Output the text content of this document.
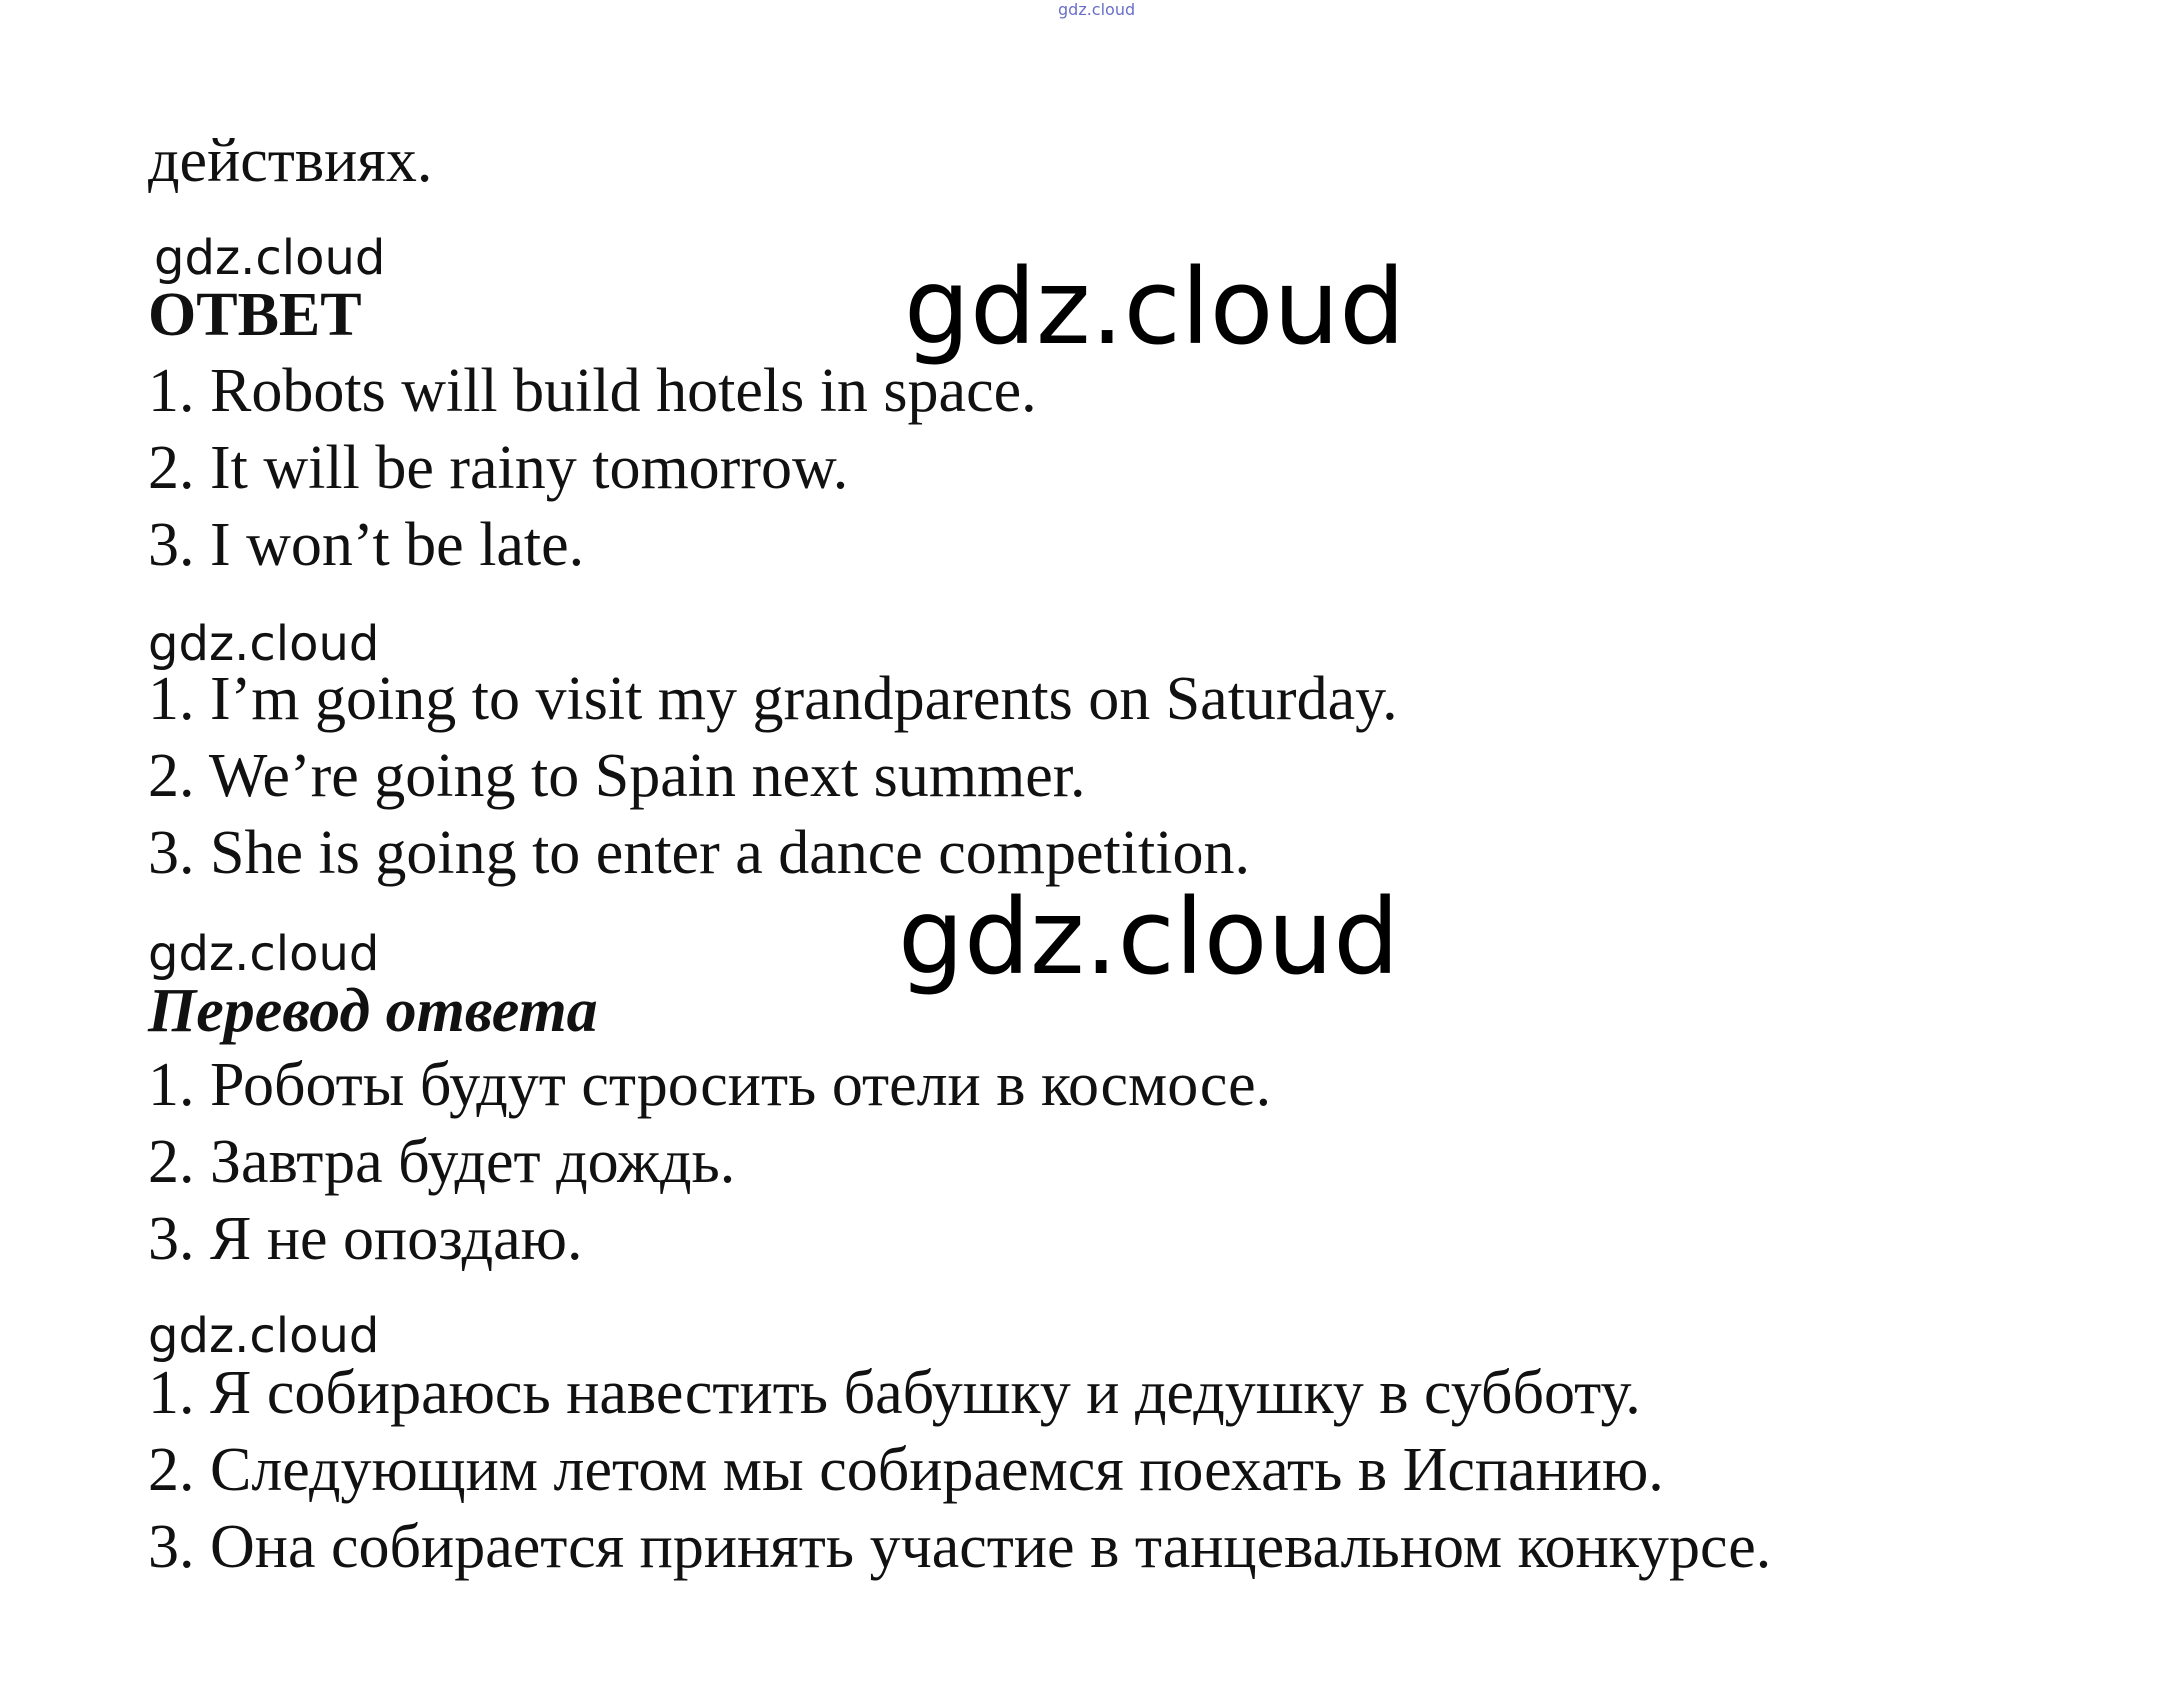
gdz.cloud
действиях.
gdz.cloud
ОТВЕТ	gdz.cloud
1. Robots will build hotels in space.
2. It will be rainy tomorrow.
3. I won’t be late.
gdz.cloud
1. I’m going to visit my grandparents on Saturday.
2. We’re going to Spain next summer.
3. She is going to enter a dance competition.
gdz.cloud
gdz.cloud
Перевод ответа
1. Роботы будут стросить отели в космосе.
2. Завтра будет дождь.
3. Я не опоздаю.
gdz.cloud
1. Я собираюсь навестить бабушку и дедушку в субботу.
2. Следующим летом мы собираемся поехать в Испанию.
3. Она собирается принять участие в танцевальном конкурсе.
